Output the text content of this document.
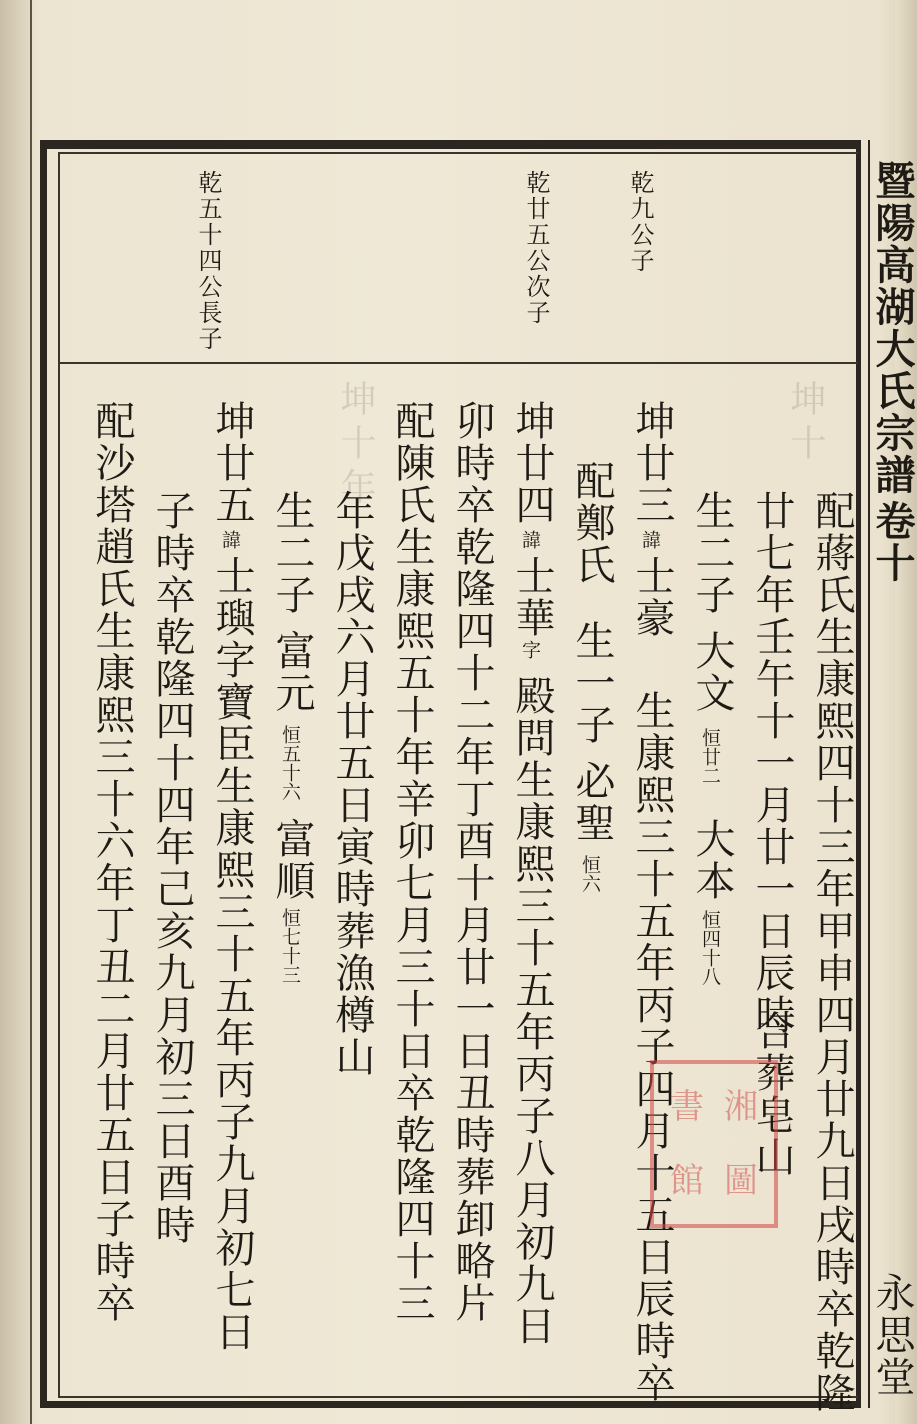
坤十年	坤十 暨陽高湖大氏宗譜
卷十
永思堂
乾九公子
乾廿五公次子
乾五十四公長子
配蔣氏生康熙四十三年甲申四月廿九日戌時卒乾隆
廿七年壬午十一月廿一日辰時
合葬皂山
生二子
大文
恒廿二
大本
恒四十八
坤廿三
諱
士豪
生康熙三十五年丙子四月十五日辰時卒
配鄭氏
生一子
必聖
恒六
坤廿四
諱
士華
字
殿問生康熙三十五年丙子八月初九日
卯時卒乾隆四十二年丁酉十月廿一日丑時葬卸略片
配陳氏生康熙五十年辛卯七月三十日卒乾隆四十三
年戊戌六月廿五日寅時葬漁樽山
生二子
富元
恒五十六
富順
恒七十三
坤廿五
諱
士璵字寶臣生康熙三十五年丙子九月初七日
子時卒乾隆四十四年己亥九月初三日酉時
配沙塔趙氏生康熙三十六年丁丑二月廿五日子時卒	書 湘
館 圖
